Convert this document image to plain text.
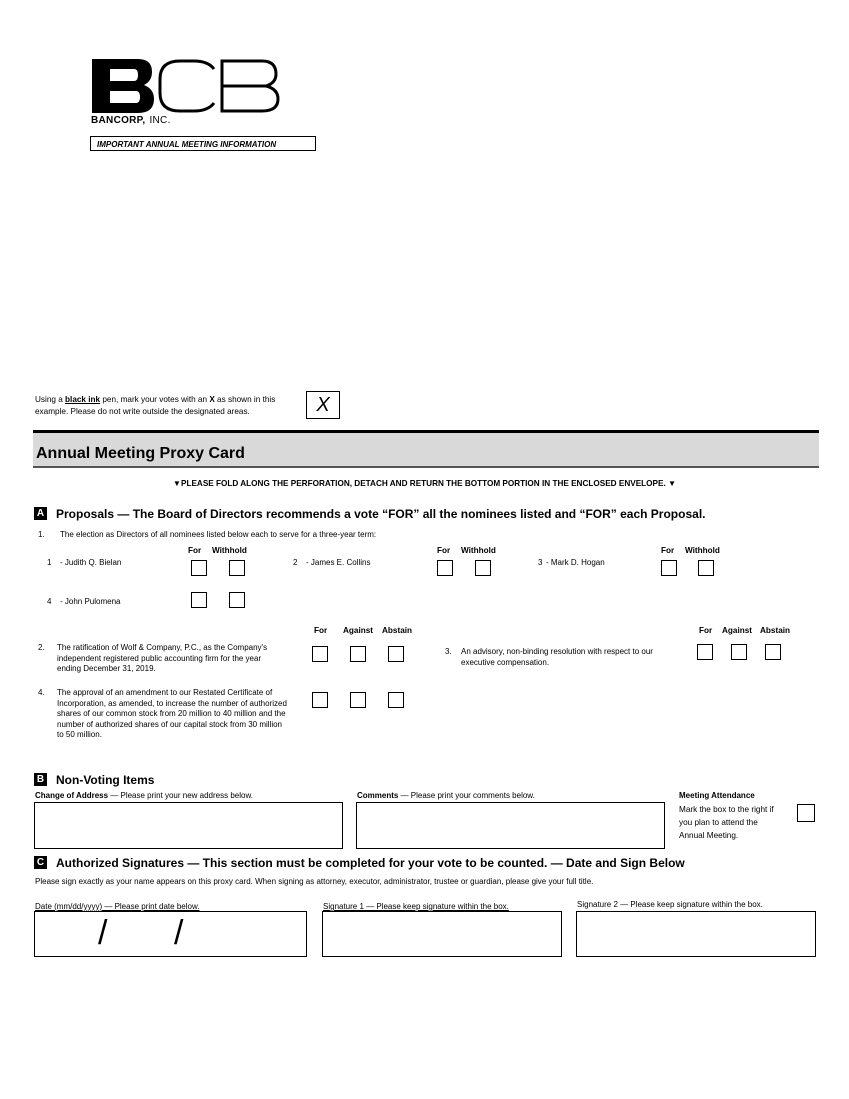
BANCORP, INC.
IMPORTANT ANNUAL MEETING INFORMATION
Using a black ink pen, mark your votes with an X as shown in this example. Please do not write outside the designated areas.	X
Annual Meeting Proxy Card
▼PLEASE FOLD ALONG THE PERFORATION, DETACH AND RETURN THE BOTTOM PORTION IN THE ENCLOSED ENVELOPE. ▼
A Proposals — The Board of Directors recommends a vote “FOR” all the nominees listed and “FOR” each Proposal.
1. The election as Directors of all nominees listed below each to serve for a three-year term:
For Withhold	For Withhold	For Withhold
1 - Judith Q. Bielan	2 - James E. Collins	3 - Mark D. Hogan
4 - John Pulomena
For Against Abstain	For Against Abstain
2. The ratification of Wolf & Company, P.C., as the Company's independent registered public accounting firm for the year ending December 31, 2019.
3. An advisory, non-binding resolution with respect to our executive compensation.
4. The approval of an amendment to our Restated Certificate of Incorporation, as amended, to increase the number of authorized shares of our common stock from 20 million to 40 million and the number of authorized shares of our capital stock from 30 million to 50 million.
B Non-Voting Items
Change of Address — Please print your new address below.	Comments — Please print your comments below.	Meeting Attendance
Mark the box to the right if you plan to attend the Annual Meeting.
C Authorized Signatures — This section must be completed for your vote to be counted. — Date and Sign Below
Please sign exactly as your name appears on this proxy card. When signing as attorney, executor, administrator, trustee or guardian, please give your full title.
Date (mm/dd/yyyy) — Please print date below.
/ /
Signature 1 — Please keep signature within the box.	Signature 2 — Please keep signature within the box.
